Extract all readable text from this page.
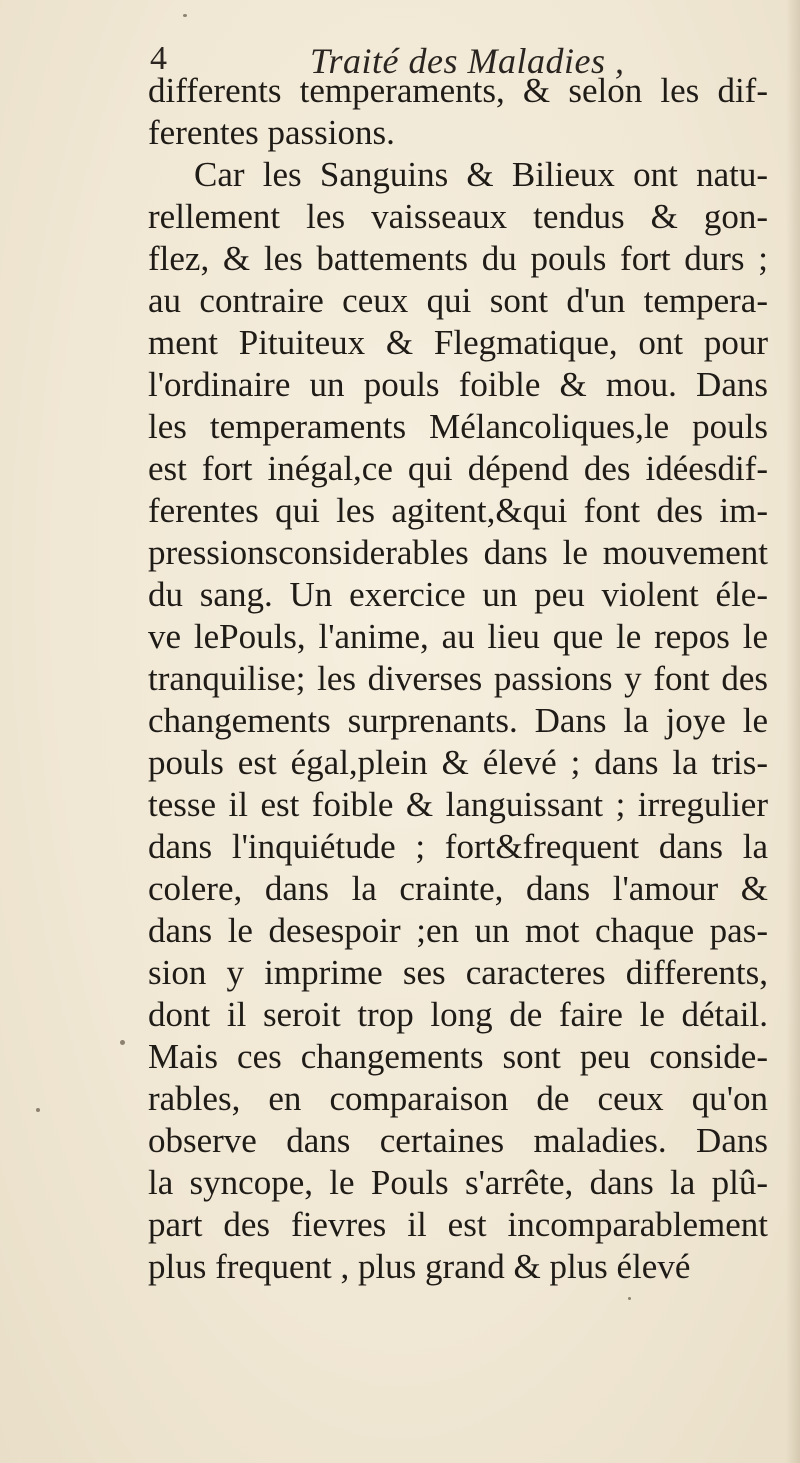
4	Traité des Maladies ,
differents temperaments, & selon les dif-
ferentes passions.
Car les Sanguins & Bilieux ont natu-
rellement les vaisseaux tendus & gon-
flez, & les battements du pouls fort durs ;
au contraire ceux qui sont d'un tempera-
ment Pituiteux & Flegmatique, ont pour
l'ordinaire un pouls foible & mou. Dans
les temperaments Mélancoliques,le pouls
est fort inégal,ce qui dépend des idéesdif-
ferentes qui les agitent,&qui font des im-
pressionsconsiderables dans le mouvement
du sang. Un exercice un peu violent éle-
ve lePouls, l'anime, au lieu que le repos le
tranquilise; les diverses passions y font des
changements surprenants. Dans la joye le
pouls est égal,plein & élevé ; dans la tris-
tesse il est foible & languissant ; irregulier
dans l'inquiétude ; fort&frequent dans la
colere, dans la crainte, dans l'amour &
dans le desespoir ;en un mot chaque pas-
sion y imprime ses caracteres differents,
dont il seroit trop long de faire le détail.
Mais ces changements sont peu conside-
rables, en comparaison de ceux qu'on
observe dans certaines maladies. Dans
la syncope, le Pouls s'arrête, dans la plû-
part des fievres il est incomparablement
plus frequent , plus grand & plus élevé
